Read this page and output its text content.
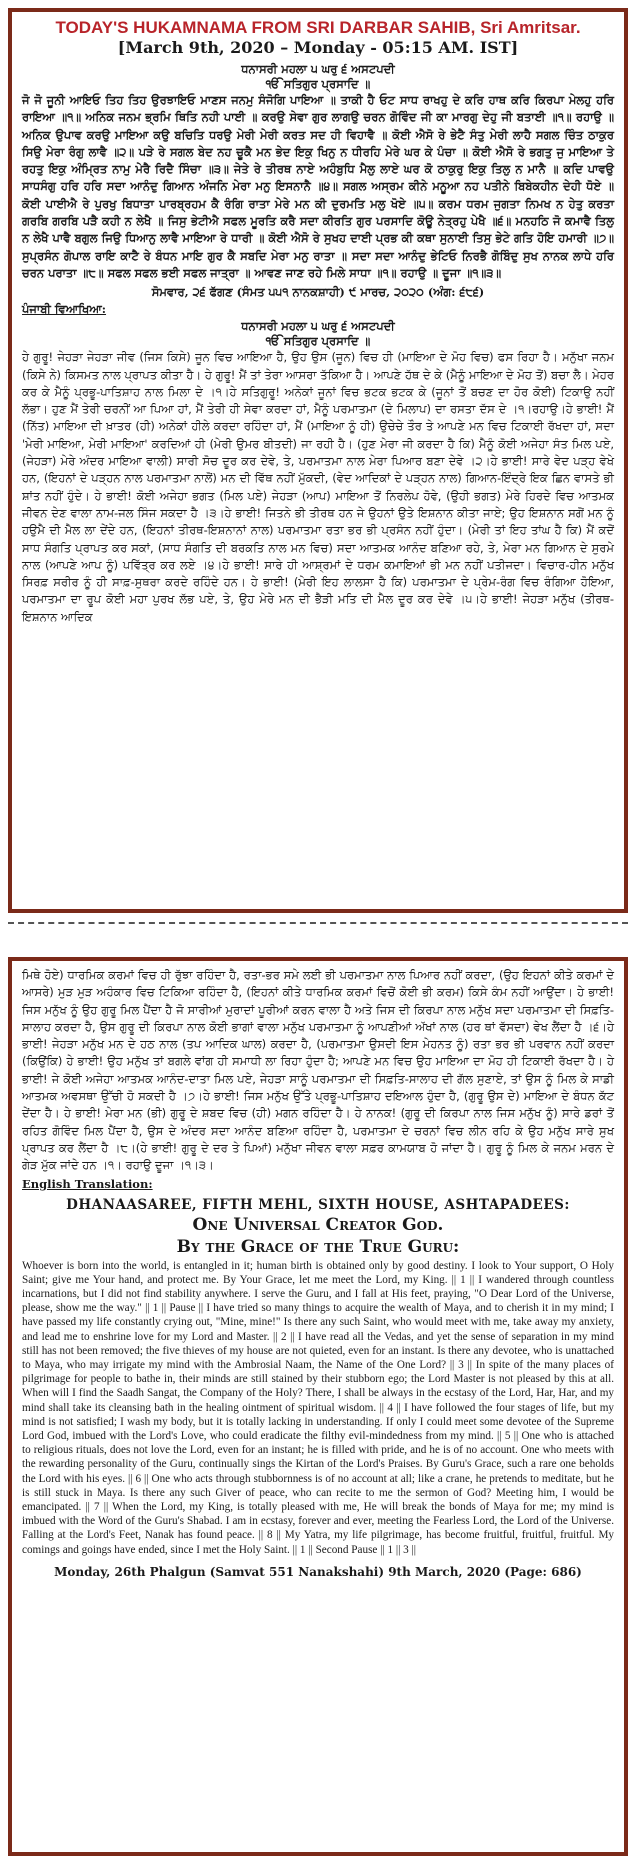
TODAY'S HUKAMNAMA FROM SRI DARBAR SAHIB, Sri Amritsar.

[March 9th, 2020 – Monday - 05:15 AM. IST]

ਧਨਾਸਰੀ ਮਹਲਾ ੫ ਘਰੁ ੬ ਅਸਟਪਦੀ
ੴ ਸਤਿਗੁਰ ਪ੍ਰਸਾਦਿ ॥

ਜੋ ਜੋ ਜੂਨੀ ਆਇਓ ਤਿਹ ਤਿਹ ਉਰਝਾਇਓ ਮਾਣਸ ਜਨਮੁ ਸੰਜੋਗਿ ਪਾਇਆ ॥ ਤਾਕੀ ਹੈ ਓਟ ਸਾਧ ਰਾਖਹੁ ਦੇ ਕਰਿ ਹਾਥ ਕਰਿ ਕਿਰਪਾ ਮੇਲਹੁ ਹਰਿ ਰਾਇਆ ॥੧॥ ਅਨਿਕ ਜਨਮ ਭ੍ਰਮਿ ਥਿਤਿ ਨਹੀ ਪਾਈ ॥ ਕਰਉ ਸੇਵਾ ਗੁਰ ਲਾਗਉ ਚਰਨ ਗੋਵਿੰਦ ਜੀ ਕਾ ਮਾਰਗੁ ਦੇਹੁ ਜੀ ਬਤਾਈ ॥੧॥ ਰਹਾਉ ॥ ਅਨਿਕ ਉਪਾਵ ਕਰਉ ਮਾਇਆ ਕਉ ਬਚਿਤਿ ਧਰਉ ਮੇਰੀ ਮੇਰੀ ਕਰਤ ਸਦ ਹੀ ਵਿਹਾਵੈ ॥ ਕੋਈ ਐਸੋ ਰੇ ਭੇਟੈ ਸੰਤੁ ਮੇਰੀ ਲਾਹੈ ਸਗਲ ਚਿੰਤ ਠਾਕੁਰ ਸਿਉ ਮੇਰਾ ਰੰਗੁ ਲਾਵੈ ॥੨॥ ਪੜੇ ਰੇ ਸਗਲ ਬੇਦ ਨਹ ਚੂਕੈ ਮਨ ਭੇਦ ਇਕੁ ਖਿਨੁ ਨ ਧੀਰਹਿ ਮੇਰੇ ਘਰ ਕੇ ਪੰਚਾ ॥ ਕੋਈ ਐਸੋ ਰੇ ਭਗਤੁ ਜੁ ਮਾਇਆ ਤੇ ਰਹਤੁ ਇਕੁ ਅੰਮ੍ਰਿਤ ਨਾਮੁ ਮੇਰੈ ਰਿਦੈ ਸਿੰਚਾ ॥੩॥ ਜੇਤੇ ਰੇ ਤੀਰਥ ਨਾਏ ਅਹੰਬੁਧਿ ਮੈਲੁ ਲਾਏ ਘਰ ਕੋ ਠਾਕੁਰੁ ਇਕੁ ਤਿਲੁ ਨ ਮਾਨੈ ॥ ਕਦਿ ਪਾਵਉ ਸਾਧਸੰਗੁ ਹਰਿ ਹਰਿ ਸਦਾ ਆਨੰਦੁ ਗਿਆਨ ਅੰਜਨਿ ਮੇਰਾ ਮਨੁ ਇਸਨਾਨੈ ॥੪॥ ਸਗਲ ਅਸ੍ਰਮ ਕੀਨੇ ਮਨੂਆ ਨਹ ਪਤੀਨੇ ਬਿਬੇਕਹੀਨ ਦੇਹੀ ਧੋਏ ॥ ਕੋਈ ਪਾਈਐ ਰੇ ਪੁਰਖੁ ਬਿਧਾਤਾ ਪਾਰਬ੍ਰਹਮ ਕੈ ਰੰਗਿ ਰਾਤਾ ਮੇਰੇ ਮਨ ਕੀ ਦੁਰਮਤਿ ਮਲੁ ਖੋਏ ॥੫॥ ਕਰਮ ਧਰਮ ਜੁਗਤਾ ਨਿਮਖ ਨ ਹੇਤੁ ਕਰਤਾ ਗਰਬਿ ਗਰਬਿ ਪੜੈ ਕਹੀ ਨ ਲੇਖੈ ॥ ਜਿਸੁ ਭੇਟੀਐ ਸਫਲ ਮੂਰਤਿ ਕਰੈ ਸਦਾ ਕੀਰਤਿ ਗੁਰ ਪਰਸਾਦਿ ਕੋਊ ਨੇਤ੍ਰਹੁ ਪੇਖੈ ॥੬॥ ਮਨਹਠਿ ਜੋ ਕਮਾਵੈ ਤਿਲੁ ਨ ਲੇਖੈ ਪਾਵੈ ਬਗੁਲ ਜਿਉ ਧਿਆਨੁ ਲਾਵੈ ਮਾਇਆ ਰੇ ਧਾਰੀ ॥ ਕੋਈ ਐਸੋ ਰੇ ਸੁਖਹ ਦਾਈ ਪ੍ਰਭ ਕੀ ਕਥਾ ਸੁਨਾਈ ਤਿਸੁ ਭੇਟੇ ਗਤਿ ਹੋਇ ਹਮਾਰੀ ॥੭॥ ਸੁਪ੍ਰਸੰਨ ਗੋਪਾਲ ਰਾਇ ਕਾਟੈ ਰੇ ਬੰਧਨ ਮਾਇ ਗੁਰ ਕੈ ਸਬਦਿ ਮੇਰਾ ਮਨੁ ਰਾਤਾ ॥ ਸਦਾ ਸਦਾ ਆਨੰਦੁ ਭੇਟਿਓ ਨਿਰਭੈ ਗੋਬਿੰਦੁ ਸੁਖ ਨਾਨਕ ਲਾਧੇ ਹਰਿ ਚਰਨ ਪਰਾਤਾ ॥੮॥ ਸਫਲ ਸਫਲ ਭਈ ਸਫਲ ਜਾਤ੍ਰਾ ॥ ਆਵਣ ਜਾਣ ਰਹੇ ਮਿਲੇ ਸਾਧਾ ॥੧॥ ਰਹਾਉ ॥ ਦੂਜਾ ॥੧॥੩॥

ਸੋਮਵਾਰ, ੨੬ ਫੱਗਣ (ਸੰਮਤ ੫੫੧ ਨਾਨਕਸ਼ਾਹੀ) ੯ ਮਾਰਚ, ੨੦੨੦ (ਅੰਗ: ੬੮੬)
ਪੰਜਾਬੀ ਵਿਆਖਿਆ:
ਧਨਾਸਰੀ ਮਹਲਾ ੫ ਘਰੁ ੬ ਅਸਟਪਦੀ
ੴ ਸਤਿਗੁਰ ਪ੍ਰਸਾਦਿ ॥

ਹੇ ਗੁਰੂ! ਜੇਹੜਾ ਜੇਹੜਾ ਜੀਵ (ਜਿਸ ਕਿਸੇ) ਜੂਨ ਵਿਚ ਆਇਆ ਹੈ, ਉਹ ਉਸ (ਜੂਨ) ਵਿਚ ਹੀ (ਮਾਇਆ ਦੇ ਮੋਹ ਵਿਚ) ਫਸ ਰਿਹਾ ਹੈ। ਮਨੁੱਖਾ ਜਨਮ (ਕਿਸੇ ਨੇ) ਕਿਸਮਤ ਨਾਲ ਪ੍ਰਾਪਤ ਕੀਤਾ ਹੈ। ਹੇ ਗੁਰੂ! ਮੈਂ ਤਾਂ ਤੇਰਾ ਆਸਰਾ ਤੱਕਿਆ ਹੈ। ਆਪਣੇ ਹੱਥ ਦੇ ਕੇ (ਮੈਨੂੰ ਮਾਇਆ ਦੇ ਮੋਹ ਤੋਂ) ਬਚਾ ਲੈ। ਮੇਹਰ ਕਰ ਕੇ ਮੈਨੂੰ ਪ੍ਰਭੂ-ਪਾਤਿਸ਼ਾਹ ਨਾਲ ਮਿਲਾ ਦੇ ।੧।ਹੇ ਸਤਿਗੁਰੂ! ਅਨੇਕਾਂ ਜੂਨਾਂ ਵਿਚ ਭਟਕ ਭਟਕ ਕੇ (ਜੂਨਾਂ ਤੋਂ ਬਚਣ ਦਾ ਹੋਰ ਕੋਈ) ਟਿਕਾਉ ਨਹੀਂ ਲੱਭਾ। ਹੁਣ ਮੈਂ ਤੇਰੀ ਚਰਨੀਂ ਆ ਪਿਆ ਹਾਂ, ਮੈਂ ਤੇਰੀ ਹੀ ਸੇਵਾ ਕਰਦਾ ਹਾਂ, ਮੈਨੂੰ ਪਰਮਾਤਮਾ (ਦੇ ਮਿਲਾਪ) ਦਾ ਰਸਤਾ ਦੱਸ ਦੇ ।੧।ਰਹਾਉ।ਹੇ ਭਾਈ! ਮੈਂ (ਨਿੱਤ) ਮਾਇਆ ਦੀ ਖ਼ਾਤਰ (ਹੀ) ਅਨੇਕਾਂ ਹੀਲੇ ਕਰਦਾ ਰਹਿੰਦਾ ਹਾਂ, ਮੈਂ (ਮਾਇਆ ਨੂੰ ਹੀ) ਉਚੇਚੇ ਤੌਰ ਤੇ ਆਪਣੇ ਮਨ ਵਿਚ ਟਿਕਾਈ ਰੱਖਦਾ ਹਾਂ, ਸਦਾ 'ਮੇਰੀ ਮਾਇਆ, ਮੇਰੀ ਮਾਇਆ' ਕਰਦਿਆਂ ਹੀ (ਮੇਰੀ ਉਮਰ ਬੀਤਦੀ) ਜਾ ਰਹੀ ਹੈ। (ਹੁਣ ਮੇਰਾ ਜੀ ਕਰਦਾ ਹੈ ਕਿ) ਮੈਨੂੰ ਕੋਈ ਅਜੇਹਾ ਸੰਤ ਮਿਲ ਪਏ, (ਜੇਹੜਾ) ਮੇਰੇ ਅੰਦਰ ਮਾਇਆ ਵਾਲੀ) ਸਾਰੀ ਸੋਚ ਦੂਰ ਕਰ ਦੇਵੇ, ਤੇ, ਪਰਮਾਤਮਾ ਨਾਲ ਮੇਰਾ ਪਿਆਰ ਬਣਾ ਦੇਵੇ ।੨।ਹੇ ਭਾਈ! ਸਾਰੇ ਵੇਦ ਪੜ੍ਹ ਵੇਖੇ ਹਨ, (ਇਹਨਾਂ ਦੇ ਪੜ੍ਹਨ ਨਾਲ ਪਰਮਾਤਮਾ ਨਾਲੋਂ) ਮਨ ਦੀ ਵਿੱਥ ਨਹੀਂ ਮੁੱਕਦੀ, (ਵੇਦ ਆਦਿਕਾਂ ਦੇ ਪੜ੍ਹਨ ਨਾਲ) ਗਿਆਨ-ਇੰਦ੍ਰੇ ਇਕ ਛਿਨ ਵਾਸਤੇ ਭੀ ਸ਼ਾਂਤ ਨਹੀਂ ਹੁੰਦੇ। ਹੇ ਭਾਈ! ਕੋਈ ਅਜੇਹਾ ਭਗਤ (ਮਿਲ ਪਏ) ਜੇਹੜਾ (ਆਪ) ਮਾਇਆ ਤੋਂ ਨਿਰਲੇਪ ਹੋਵੇ, (ਉਹੀ ਭਗਤ) ਮੇਰੇ ਹਿਰਦੇ ਵਿਚ ਆਤਮਕ ਜੀਵਨ ਦੇਣ ਵਾਲਾ ਨਾਮ-ਜਲ ਸਿੰਜ ਸਕਦਾ ਹੈ ।੩।ਹੇ ਭਾਈ! ਜਿਤਨੇ ਭੀ ਤੀਰਥ ਹਨ ਜੇ ਉਹਨਾਂ ਉਤੇ ਇਸ਼ਨਾਨ ਕੀਤਾ ਜਾਏ; ਉਹ ਇਸ਼ਨਾਨ ਸਗੋਂ ਮਨ ਨੂੰ ਹਉਮੈ ਦੀ ਮੈਲ ਲਾ ਦੇਂਦੇ ਹਨ, (ਇਹਨਾਂ ਤੀਰਥ-ਇਸ਼ਨਾਨਾਂ ਨਾਲ) ਪਰਮਾਤਮਾ ਰਤਾ ਭਰ ਭੀ ਪ੍ਰਸੰਨ ਨਹੀਂ ਹੁੰਦਾ। (ਮੇਰੀ ਤਾਂ ਇਹ ਤਾਂਘ ਹੈ ਕਿ) ਮੈਂ ਕਦੋਂ ਸਾਧ ਸੰਗਤਿ ਪ੍ਰਾਪਤ ਕਰ ਸਕਾਂ, (ਸਾਧ ਸੰਗਤਿ ਦੀ ਬਰਕਤਿ ਨਾਲ ਮਨ ਵਿਚ) ਸਦਾ ਆਤਮਕ ਆਨੰਦ ਬਣਿਆ ਰਹੇ, ਤੇ, ਮੇਰਾ ਮਨ ਗਿਆਨ ਦੇ ਸੁਰਮੇ ਨਾਲ (ਆਪਣੇ ਆਪ ਨੂੰ) ਪਵਿੱਤ੍ਰ ਕਰ ਲਏ ।੪।ਹੇ ਭਾਈ! ਸਾਰੇ ਹੀ ਆਸ਼੍ਰਮਾਂ ਦੇ ਧਰਮ ਕਮਾਇਆਂ ਭੀ ਮਨ ਨਹੀਂ ਪਤੀਜਦਾ। ਵਿਚਾਰ-ਹੀਨ ਮਨੁੱਖ ਸਿਰਫ਼ ਸਰੀਰ ਨੂੰ ਹੀ ਸਾਫ਼-ਸੁਥਰਾ ਕਰਦੇ ਰਹਿੰਦੇ ਹਨ। ਹੇ ਭਾਈ! (ਮੇਰੀ ਇਹ ਲਾਲਸਾ ਹੈ ਕਿ) ਪਰਮਾਤਮਾ ਦੇ ਪ੍ਰੇਮ-ਰੰਗ ਵਿਚ ਰੰਗਿਆ ਹੋਇਆ, ਪਰਮਾਤਮਾ ਦਾ ਰੂਪ ਕੋਈ ਮਹਾ ਪੁਰਖ ਲੱਭ ਪਏ, ਤੇ, ਉਹ ਮੇਰੇ ਮਨ ਦੀ ਭੈੜੀ ਮਤਿ ਦੀ ਮੈਲ ਦੂਰ ਕਰ ਦੇਵੇ ।੫।ਹੇ ਭਾਈ! ਜੇਹੜਾ ਮਨੁੱਖ (ਤੀਰਥ-ਇਸ਼ਨਾਨ ਆਦਿਕ

ਮਿਥੇ ਹੋਏ) ਧਾਰਮਿਕ ਕਰਮਾਂ ਵਿਚ ਹੀ ਰੁੱਝਾ ਰਹਿੰਦਾ ਹੈ, ਰਤਾ-ਭਰ ਸਮੇ ਲਈ ਭੀ ਪਰਮਾਤਮਾ ਨਾਲ ਪਿਆਰ ਨਹੀਂ ਕਰਦਾ, (ਉਹ ਇਹਨਾਂ ਕੀਤੇ ਕਰਮਾਂ ਦੇ ਆਸਰੇ) ਮੁੜ ਮੁੜ ਅਹੰਕਾਰ ਵਿਚ ਟਿਕਿਆ ਰਹਿੰਦਾ ਹੈ, (ਇਹਨਾਂ ਕੀਤੇ ਧਾਰਮਿਕ ਕਰਮਾਂ ਵਿਚੋਂ ਕੋਈ ਭੀ ਕਰਮ) ਕਿਸੇ ਕੰਮ ਨਹੀਂ ਆਉਂਦਾ। ਹੇ ਭਾਈ! ਜਿਸ ਮਨੁੱਖ ਨੂੰ ਉਹ ਗੁਰੂ ਮਿਲ ਪੈਂਦਾ ਹੈ ਜੋ ਸਾਰੀਆਂ ਮੁਰਾਦਾਂ ਪੂਰੀਆਂ ਕਰਨ ਵਾਲਾ ਹੈ ਅਤੇ ਜਿਸ ਦੀ ਕਿਰਪਾ ਨਾਲ ਮਨੁੱਖ ਸਦਾ ਪਰਮਾਤਮਾ ਦੀ ਸਿਫ਼ਤਿ-ਸਾਲਾਹ ਕਰਦਾ ਹੈ, ਉਸ ਗੁਰੂ ਦੀ ਕਿਰਪਾ ਨਾਲ ਕੋਈ ਭਾਗਾਂ ਵਾਲਾ ਮਨੁੱਖ ਪਰਮਾਤਮਾ ਨੂੰ ਆਪਣੀਆਂ ਅੱਖਾਂ ਨਾਲ (ਹਰ ਥਾਂ ਵੱਸਦਾ) ਵੇਖ ਲੈਂਦਾ ਹੈ ।੬।ਹੇ ਭਾਈ! ਜੇਹੜਾ ਮਨੁੱਖ ਮਨ ਦੇ ਹਠ ਨਾਲ (ਤਪ ਆਦਿਕ ਘਾਲ) ਕਰਦਾ ਹੈ, (ਪਰਮਾਤਮਾ ਉਸਦੀ ਇਸ ਮੇਹਨਤ ਨੂੰ) ਰਤਾ ਭਰ ਭੀ ਪਰਵਾਨ ਨਹੀਂ ਕਰਦਾ (ਕਿਉਂਕਿ) ਹੇ ਭਾਈ! ਉਹ ਮਨੁੱਖ ਤਾਂ ਬਗਲੇ ਵਾਂਗ ਹੀ ਸਮਾਧੀ ਲਾ ਰਿਹਾ ਹੁੰਦਾ ਹੈ; ਆਪਣੇ ਮਨ ਵਿਚ ਉਹ ਮਾਇਆ ਦਾ ਮੋਹ ਹੀ ਟਿਕਾਈ ਰੱਖਦਾ ਹੈ। ਹੇ ਭਾਈ! ਜੇ ਕੋਈ ਅਜੇਹਾ ਆਤਮਕ ਆਨੰਦ-ਦਾਤਾ ਮਿਲ ਪਏ, ਜੇਹੜਾ ਸਾਨੂੰ ਪਰਮਾਤਮਾ ਦੀ ਸਿਫ਼ਤਿ-ਸਾਲਾਹ ਦੀ ਗੱਲ ਸੁਣਾਏ, ਤਾਂ ਉਸ ਨੂੰ ਮਿਲ ਕੇ ਸਾਡੀ ਆਤਮਕ ਅਵਸਥਾ ਉੱਚੀ ਹੋ ਸਕਦੀ ਹੈ ।੭।ਹੇ ਭਾਈ! ਜਿਸ ਮਨੁੱਖ ਉੱਤੇ ਪ੍ਰਭੂ-ਪਾਤਿਸ਼ਾਹ ਦਇਆਲ ਹੁੰਦਾ ਹੈ, (ਗੁਰੂ ਉਸ ਦੇ) ਮਾਇਆ ਦੇ ਬੰਧਨ ਕੱਟ ਦੇਂਦਾ ਹੈ। ਹੇ ਭਾਈ! ਮੇਰਾ ਮਨ (ਭੀ) ਗੁਰੂ ਦੇ ਸ਼ਬਦ ਵਿਚ (ਹੀ) ਮਗਨ ਰਹਿੰਦਾ ਹੈ। ਹੇ ਨਾਨਕ! (ਗੁਰੂ ਦੀ ਕਿਰਪਾ ਨਾਲ ਜਿਸ ਮਨੁੱਖ ਨੂੰ) ਸਾਰੇ ਡਰਾਂ ਤੋਂ ਰਹਿਤ ਗੋਵਿੰਦ ਮਿਲ ਪੈਂਦਾ ਹੈ, ਉਸ ਦੇ ਅੰਦਰ ਸਦਾ ਆਨੰਦ ਬਣਿਆ ਰਹਿੰਦਾ ਹੈ, ਪਰਮਾਤਮਾ ਦੇ ਚਰਨਾਂ ਵਿਚ ਲੀਨ ਰਹਿ ਕੇ ਉਹ ਮਨੁੱਖ ਸਾਰੇ ਸੁਖ ਪ੍ਰਾਪਤ ਕਰ ਲੈਂਦਾ ਹੈ ।੮।(ਹੇ ਭਾਈ! ਗੁਰੂ ਦੇ ਦਰ ਤੇ ਪਿਆਂ) ਮਨੁੱਖਾ ਜੀਵਨ ਵਾਲਾ ਸਫ਼ਰ ਕਾਮਯਾਬ ਹੋ ਜਾਂਦਾ ਹੈ। ਗੁਰੂ ਨੂੰ ਮਿਲ ਕੇ ਜਨਮ ਮਰਨ ਦੇ ਗੇੜ ਮੁੱਕ ਜਾਂਦੇ ਹਨ ।੧। ਰਹਾਉ ਦੂਜਾ ।੧।੩।

English Translation:
DHANAASAREE, FIFTH MEHL, SIXTH HOUSE, ASHTAPADEES:
One Universal Creator God.
By the Grace of the True Guru:

Whoever is born into the world, is entangled in it; human birth is obtained only by good destiny. I look to Your support, O Holy Saint; give me Your hand, and protect me. By Your Grace, let me meet the Lord, my King. || 1 || I wandered through countless incarnations, but I did not find stability anywhere. I serve the Guru, and I fall at His feet, praying, "O Dear Lord of the Universe, please, show me the way." || 1 || Pause || I have tried so many things to acquire the wealth of Maya, and to cherish it in my mind; I have passed my life constantly crying out, "Mine, mine!" Is there any such Saint, who would meet with me, take away my anxiety, and lead me to enshrine love for my Lord and Master. || 2 || I have read all the Vedas, and yet the sense of separation in my mind still has not been removed; the five thieves of my house are not quieted, even for an instant. Is there any devotee, who is unattached to Maya, who may irrigate my mind with the Ambrosial Naam, the Name of the One Lord? || 3 || In spite of the many places of pilgrimage for people to bathe in, their minds are still stained by their stubborn ego; the Lord Master is not pleased by this at all. When will I find the Saadh Sangat, the Company of the Holy? There, I shall be always in the ecstasy of the Lord, Har, Har, and my mind shall take its cleansing bath in the healing ointment of spiritual wisdom. || 4 || I have followed the four stages of life, but my mind is not satisfied; I wash my body, but it is totally lacking in understanding. If only I could meet some devotee of the Supreme Lord God, imbued with the Lord's Love, who could eradicate the filthy evil-mindedness from my mind. || 5 || One who is attached to religious rituals, does not love the Lord, even for an instant; he is filled with pride, and he is of no account. One who meets with the rewarding personality of the Guru, continually sings the Kirtan of the Lord's Praises. By Guru's Grace, such a rare one beholds the Lord with his eyes. || 6 || One who acts through stubbornness is of no account at all; like a crane, he pretends to meditate, but he is still stuck in Maya. Is there any such Giver of peace, who can recite to me the sermon of God? Meeting him, I would be emancipated. || 7 || When the Lord, my King, is totally pleased with me, He will break the bonds of Maya for me; my mind is imbued with the Word of the Guru's Shabad. I am in ecstasy, forever and ever, meeting the Fearless Lord, the Lord of the Universe. Falling at the Lord's Feet, Nanak has found peace. || 8 || My Yatra, my life pilgrimage, has become fruitful, fruitful, fruitful. My comings and goings have ended, since I met the Holy Saint. || 1 || Second Pause || 1 || 3 ||

Monday, 26th Phalgun (Samvat 551 Nanakshahi) 9th March, 2020 (Page: 686)
